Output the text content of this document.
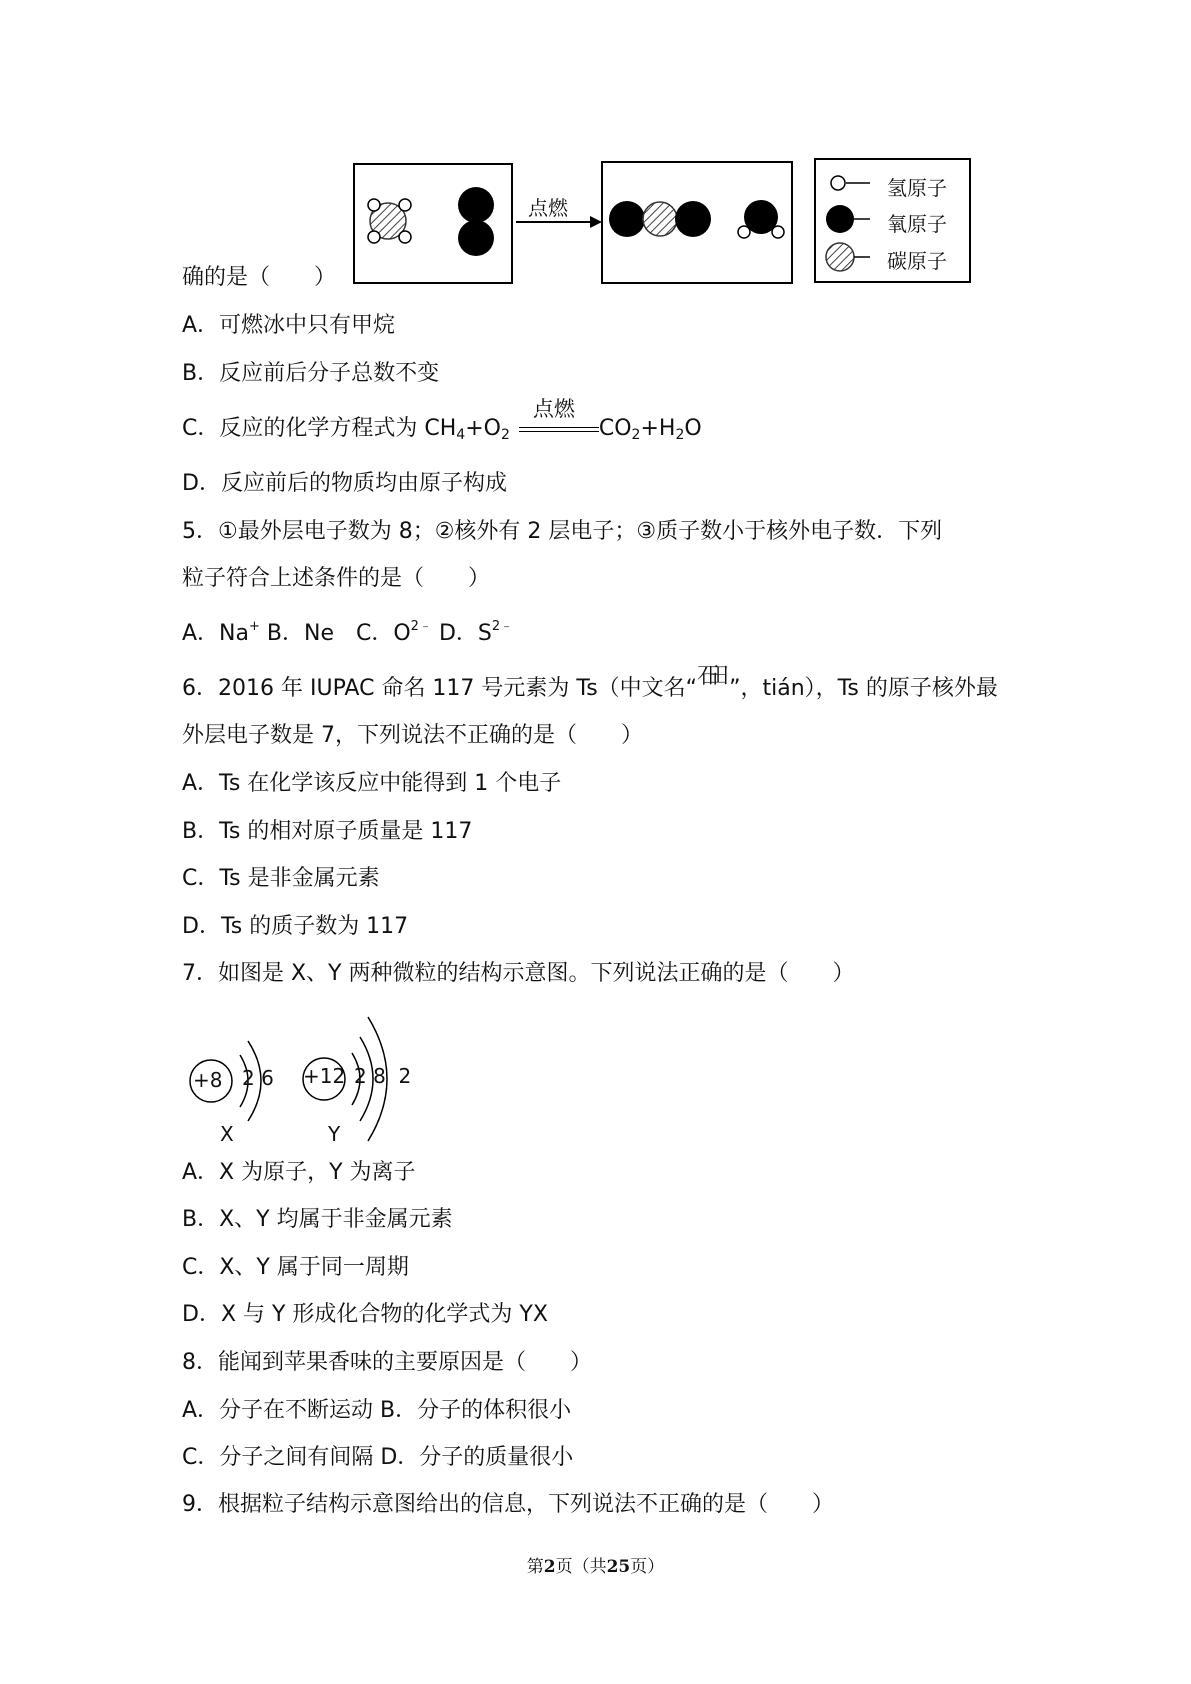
点燃
氢原子
氧原子
碳原子
确的是（　　）
A．可燃冰中只有甲烷
B．反应前后分子总数不变
C．反应的化学方程式为 $CH_4+O_2$
点燃
$CO_2+H_2O$
D．反应前后的物质均由原子构成
5．①最外层电子数为 8；②核外有 2 层电子；③质子数小于核外电子数．下列
粒子符合上述条件的是（　　）
A．Na+ B．Ne　C．$O^{2﹣}$ D．$S^{2﹣}$
6．2016 年 IUPAC 命名 117 号元素为 Ts（中文名“石田 ”，tián），Ts 的原子核外最
外层电子数是 7，下列说法不正确的是（　　）
A．Ts 在化学该反应中能得到 1 个电子
B．Ts 的相对原子质量是 117
C．Ts 是非金属元素
D．Ts 的质子数为 117
7．如图是 X、Y 两种微粒的结构示意图。下列说法正确的是（　　）
+8 2 6
X
+12 2 8  2
Y
A．X 为原子，Y 为离子
B．X、Y 均属于非金属元素
C．X、Y 属于同一周期
D．X 与 Y 形成化合物的化学式为 YX
8．能闻到苹果香味的主要原因是（　　）
A．分子在不断运动 B．分子的体积很小
C．分子之间有间隔 D．分子的质量很小
9．根据粒子结构示意图给出的信息，下列说法不正确的是（　　）
第2页（共25页）
